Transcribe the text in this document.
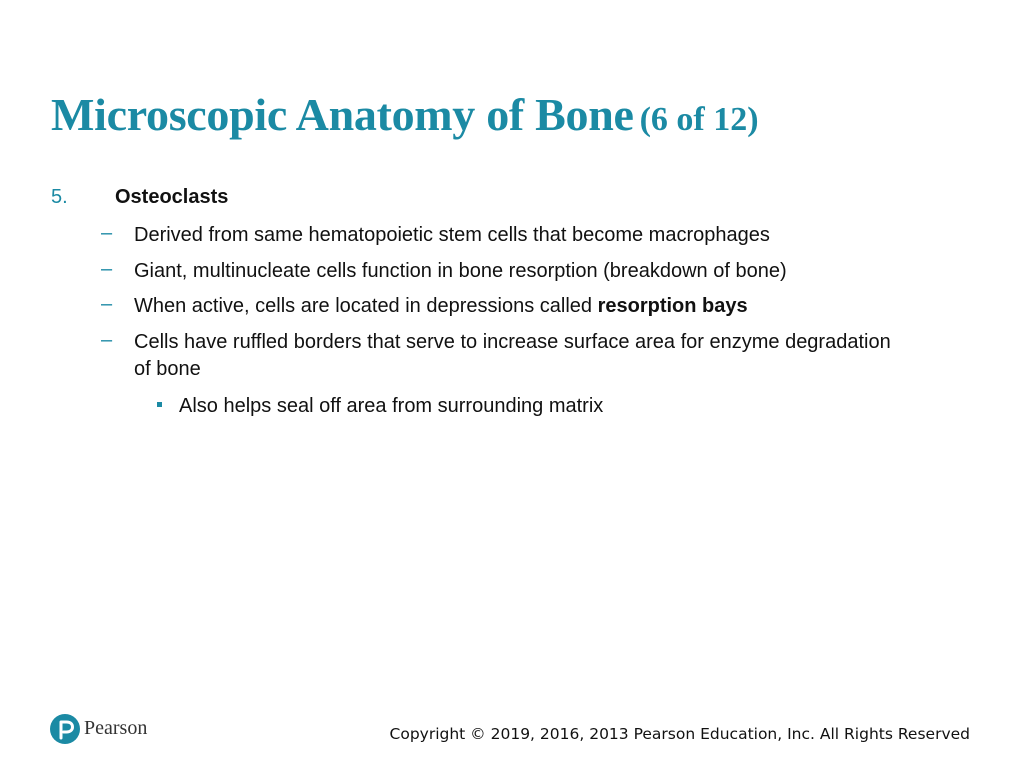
Microscopic Anatomy of Bone (6 of 12)
5. Osteoclasts
– Derived from same hematopoietic stem cells that become macrophages
– Giant, multinucleate cells function in bone resorption (breakdown of bone)
– When active, cells are located in depressions called resorption bays
– Cells have ruffled borders that serve to increase surface area for enzyme degradation of bone
Also helps seal off area from surrounding matrix
Pearson	Copyright © 2019, 2016, 2013 Pearson Education, Inc. All Rights Reserved
